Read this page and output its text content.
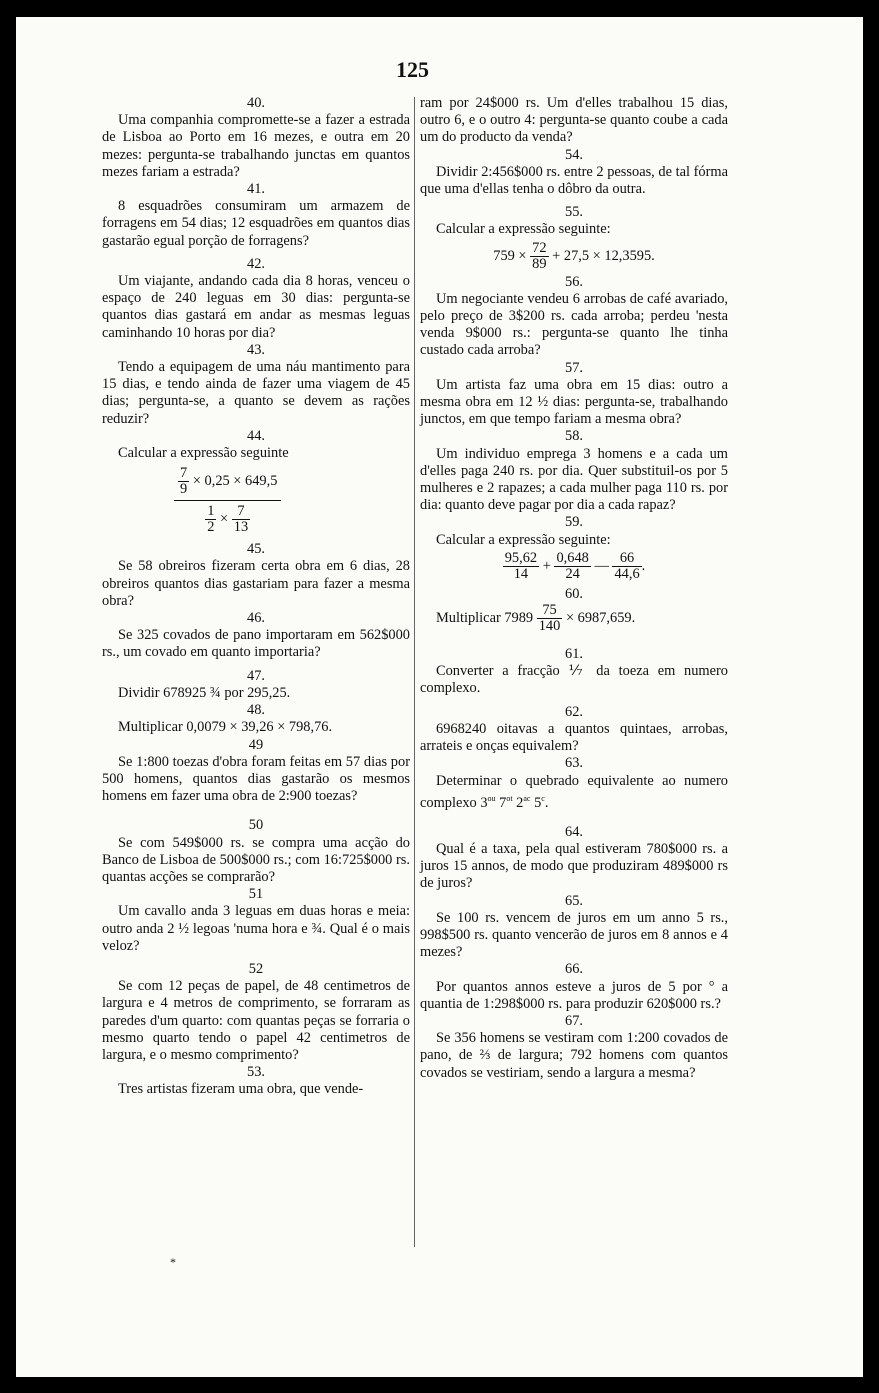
125
40.

Uma companhia compromette-se a fazer a estrada de Lisboa ao Porto em 16 mezes, e outra em 20 mezes: pergunta-se trabalhando junctas em quantos mezes fariam a estrada?

41.

8 esquadrões consumiram um armazem de forragens em 54 dias; 12 esquadrões em quantos dias gastarão egual porção de forragens?

42.

Um viajante, andando cada dia 8 horas, venceu o espaço de 240 leguas em 30 dias: pergunta-se quantos dias gastará em andar as mesmas leguas caminhando 10 horas por dia?

43.

Tendo a equipagem de uma náu mantimento para 15 dias, e tendo ainda de fazer uma viagem de 45 dias; pergunta-se, a quanto se devem as rações reduzir?

44.

Calcular a expressão seguinte

$\frac{\frac{7}{9} \times 0,25 \times 649,5}{\frac{1}{2} \times \frac{7}{13}}$
45.

Se 58 obreiros fizeram certa obra em 6 dias, 28 obreiros quantos dias gastariam para fazer a mesma obra?

46.

Se 325 covados de pano importaram em 562$000 rs., um covado em quanto importaria?

47.

Dividir 678925 ¾ por 295,25.

48.

Multiplicar 0,0079 × 39,26 × 798,76.

49

Se 1:800 toezas d'obra foram feitas em 57 dias por 500 homens, quantos dias gastarão os mesmos homens em fazer uma obra de 2:900 toezas?

50

Se com 549$000 rs. se compra uma acção do Banco de Lisboa de 500$000 rs.; com 16:725$000 rs. quantas acções se comprarão?

51

Um cavallo anda 3 leguas em duas horas e meia: outro anda 2 ½ legoas 'numa hora e ¾. Qual é o mais veloz?

52

Se com 12 peças de papel, de 48 centimetros de largura e 4 metros de comprimento, se forraram as paredes d'um quarto: com quantas peças se forraria o mesmo quarto tendo o papel 42 centimetros de largura, e o mesmo comprimento?

53.

Tres artistas fizeram uma obra, que vende-

ram por 24$000 rs. Um d'elles trabalhou 15 dias, outro 6, e o outro 4: pergunta-se quanto coube a cada um do producto da venda?

54.

Dividir 2:456$000 rs. entre 2 pessoas, de tal fórma que uma d'ellas tenha o dôbro da outra.

55.

Calcular a expressão seguinte:

$759 \times \frac{72}{89} + 27,5 \times 12,3595$.
56.

Um negociante vendeu 6 arrobas de café avariado, pelo preço de 3$200 rs. cada arroba; perdeu 'nesta venda 9$000 rs.: pergunta-se quanto lhe tinha custado cada arroba?

57.

Um artista faz uma obra em 15 dias: outro a mesma obra em 12 ½ dias: pergunta-se, trabalhando junctos, em que tempo fariam a mesma obra?

58.

Um individuo emprega 3 homens e a cada um d'elles paga 240 rs. por dia. Quer substituil-os por 5 mulheres e 2 rapazes; a cada mulher paga 110 rs. por dia: quanto deve pagar por dia a cada rapaz?

59.

Calcular a expressão seguinte:

$\frac{95,62}{14} + \frac{0,648}{24}$ — $\frac{66}{44,6}$ .
60.
Multiplicar $7989 \frac{75}{140} \times 6987,659$.
61.

Converter a fracção ⅐ da toeza em numero complexo.

62.

6968240 oitavas a quantos quintaes, arrobas, arrateis e onças equivalem?

63.

Determinar o quebrado equivalente ao numero complexo $3^{ou}$ $7^{ot}$ $2^{ac}$ 5$^c$.

64.

Qual é a taxa, pela qual estiveram 780$000 rs. a juros 15 annos, de modo que produziram 489$000 rs de juros?

65.

Se 100 rs. vencem de juros em um anno 5 rs., 998$500 rs. quanto vencerão de juros em 8 annos e 4 mezes?

66.

Por quantos annos esteve a juros de 5 por ° a quantia de 1:298$000 rs. para produzir 620$000 rs.?

67.

Se 356 homens se vestiram com 1:200 covados de pano, de ⅔ de largura; 792 homens com quantos covados se vestiriam, sendo a largura a mesma?

*
